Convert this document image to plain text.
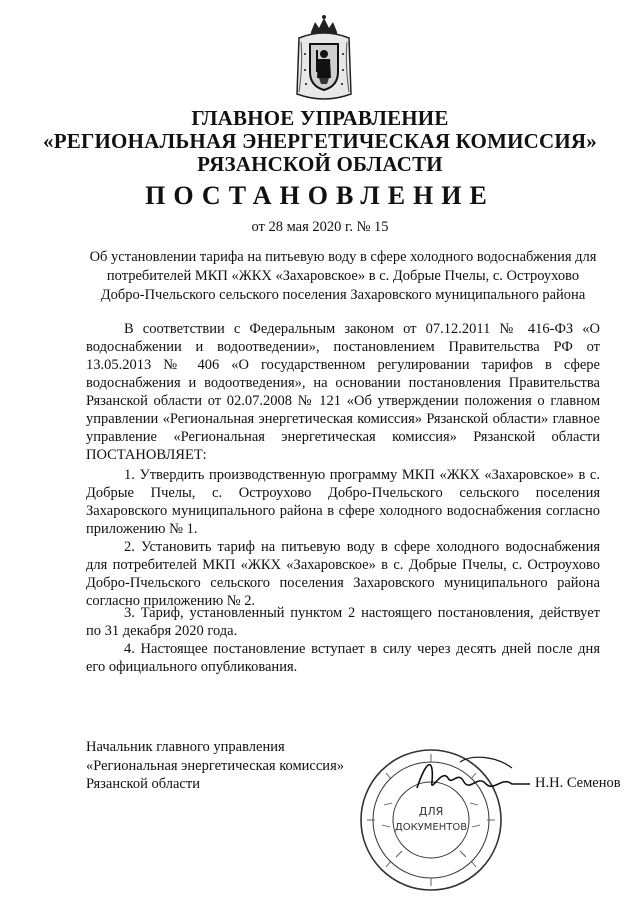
ГЛАВНОЕ УПРАВЛЕНИЕ
«РЕГИОНАЛЬНАЯ ЭНЕРГЕТИЧЕСКАЯ КОМИССИЯ»
РЯЗАНСКОЙ ОБЛАСТИ
ПОСТАНОВЛЕНИЕ
от 28 мая 2020 г. № 15
Об установлении тарифа на питьевую воду в сфере холодного водоснабжения для потребителей МКП «ЖКХ «Захаровское» в с. Добрые Пчелы, с. Остроухово Добро-Пчельского сельского поселения Захаровского муниципального района

В соответствии с Федеральным законом от 07.12.2011 № 416-ФЗ «О водоснабжении и водоотведении», постановлением Правительства РФ от 13.05.2013 № 406 «О государственном регулировании тарифов в сфере водоснабжения и водоотведения», на основании постановления Правительства Рязанской области от 02.07.2008 № 121 «Об утверждении положения о главном управлении «Региональная энергетическая комиссия» Рязанской области» главное управление «Региональная энергетическая комиссия» Рязанской области ПОСТАНОВЛЯЕТ:

1. Утвердить производственную программу МКП «ЖКХ «Захаровское» в с. Добрые Пчелы, с. Остроухово Добро-Пчельского сельского поселения Захаровского муниципального района в сфере холодного водоснабжения согласно приложению № 1.

2. Установить тариф на питьевую воду в сфере холодного водоснабжения для потребителей МКП «ЖКХ «Захаровское» в с. Добрые Пчелы, с. Остроухово Добро-Пчельского сельского поселения Захаровского муниципального района согласно приложению № 2.

3. Тариф, установленный пунктом 2 настоящего постановления, действует по 31 декабря 2020 года.

4. Настоящее постановление вступает в силу через десять дней после дня его официального опубликования.

Начальник главного управления
«Региональная энергетическая комиссия»
Рязанской области
ДЛЯ
ДОКУМЕНТОВ
Н.Н. Семенов
